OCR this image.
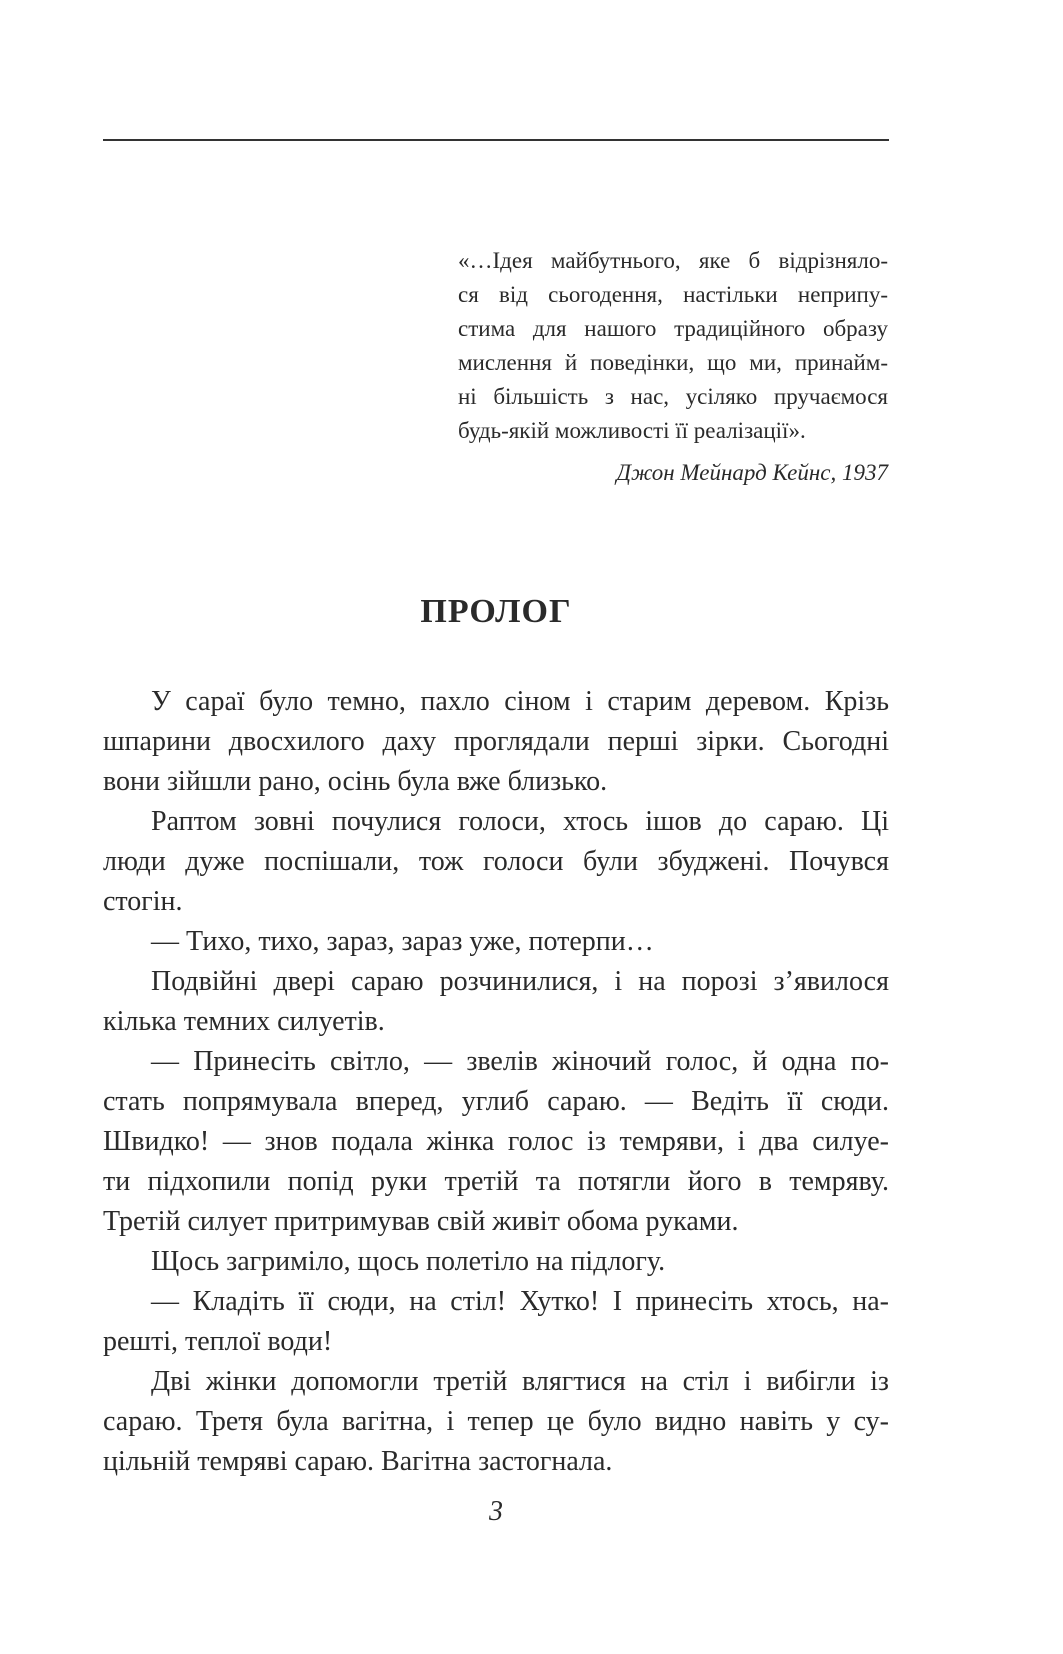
«…Ідея майбутнього, яке б відрізняло-
ся від сьогодення, настільки неприпу-
стима для нашого традиційного образу
мислення й поведінки, що ми, принайм-
ні більшість з нас, усіляко пручаємося
будь-якій можливості її реалізації».
Джон Мейнард Кейнс, 1937
ПРОЛОГ
У сараї було темно, пахло сіном і старим деревом. Крізь
шпарини двосхилого даху проглядали перші зірки. Сьогодні
вони зійшли рано, осінь була вже близько.
Раптом зовні почулися голоси, хтось ішов до сараю. Ці
люди дуже поспішали, тож голоси були збуджені. Почувся
стогін.
— Тихо, тихо, зараз, зараз уже, потерпи…
Подвійні двері сараю розчинилися, і на порозі з’явилося
кілька темних силуетів.
— Принесіть світло, — звелів жіночий голос, й одна по-
стать попрямувала вперед, углиб сараю. — Ведіть її сюди.
Швидко! — знов подала жінка голос із темряви, і два силуе-
ти підхопили попід руки третій та потягли його в темряву.
Третій силует притримував свій живіт обома руками.
Щось загриміло, щось полетіло на підлогу.
— Кладіть її сюди, на стіл! Хутко! І принесіть хтось, на-
решті, теплої води!
Дві жінки допомогли третій влягтися на стіл і вибігли із
сараю. Третя була вагітна, і тепер це було видно навіть у су-
цільній темряві сараю. Вагітна застогнала.
3
